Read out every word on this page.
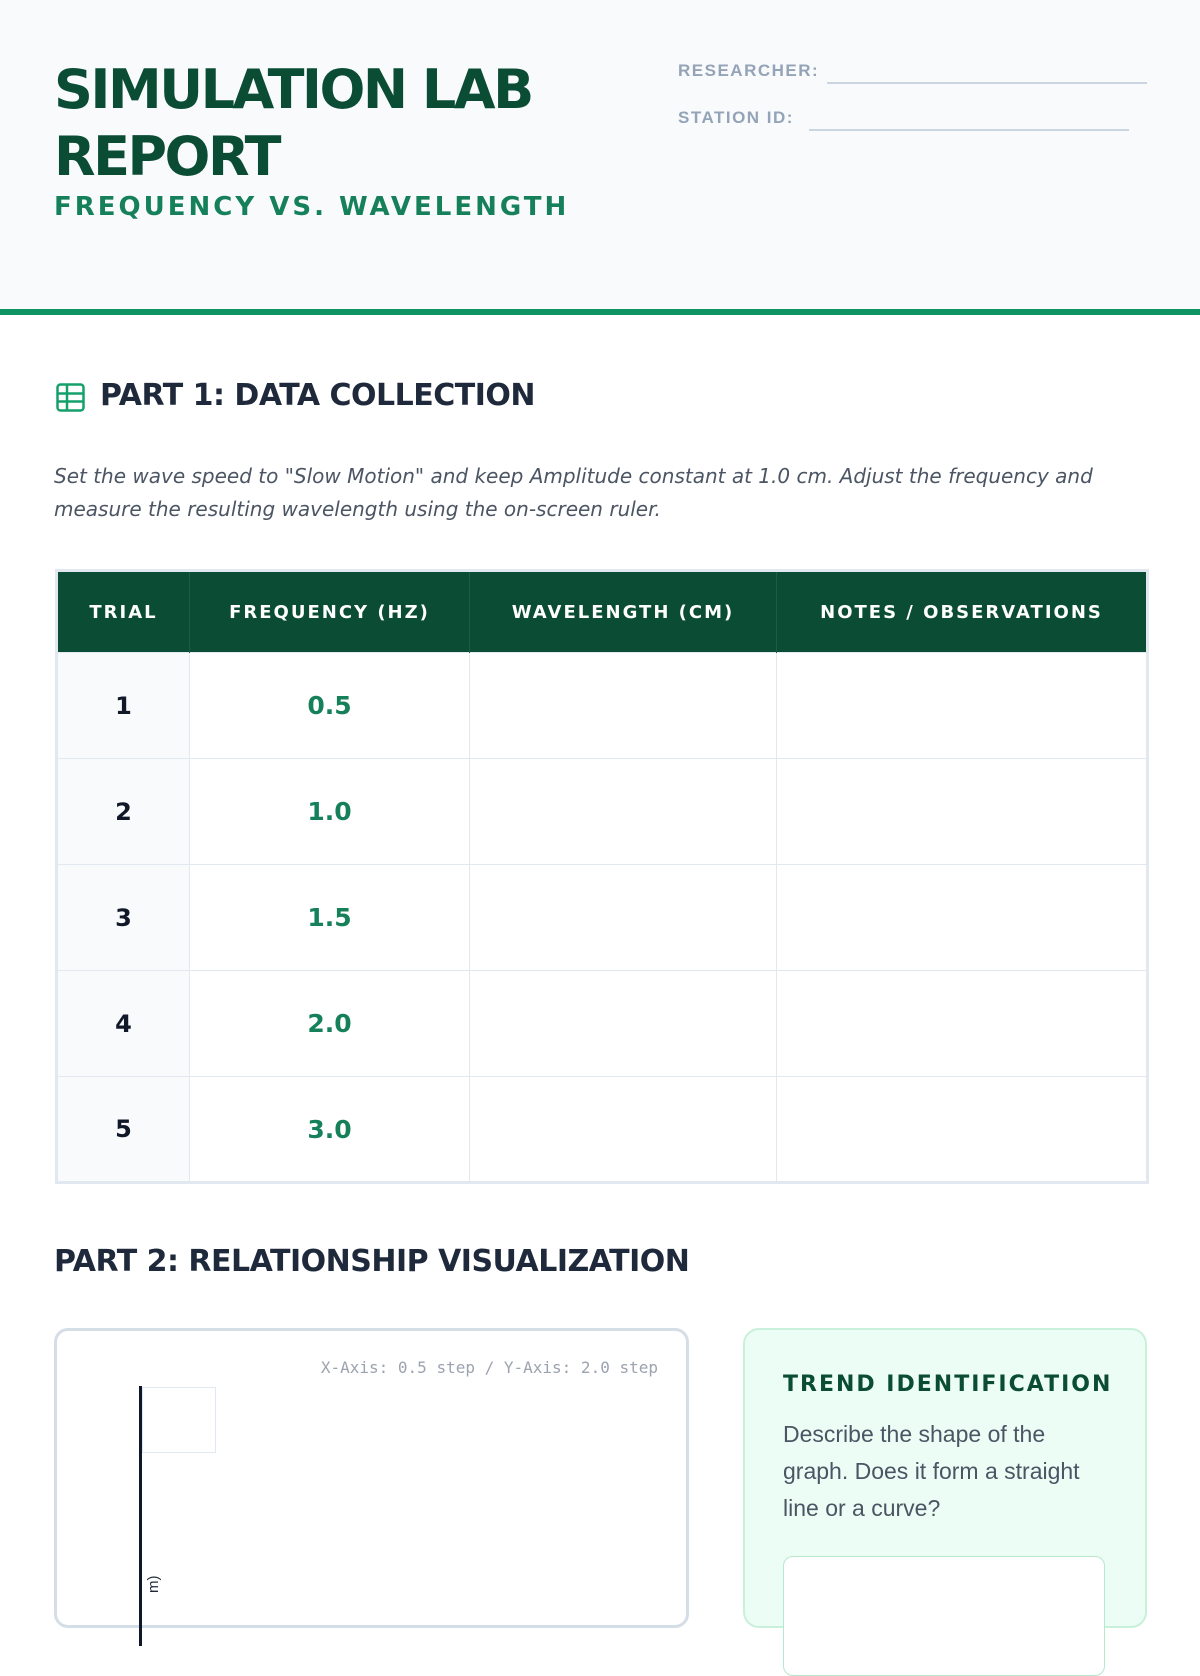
SIMULATION LAB REPORT
FREQUENCY VS. WAVELENGTH
RESEARCHER:
STATION ID:
PART 1: DATA COLLECTION

Set the wave speed to "Slow Motion" and keep Amplitude constant at 1.0 cm. Adjust the frequency and measure the resulting wavelength using the on-screen ruler.

TRIAL	FREQUENCY (HZ)	WAVELENGTH (CM)	NOTES / OBSERVATIONS
1	0.5		
2	1.0		
3	1.5		
4	2.0		
5	3.0		
PART 2: RELATIONSHIP VISUALIZATION
X-Axis: 0.5 step / Y-Axis: 2.0 step
m)
TREND IDENTIFICATION

Describe the shape of the graph. Does it form a straight line or a curve?
